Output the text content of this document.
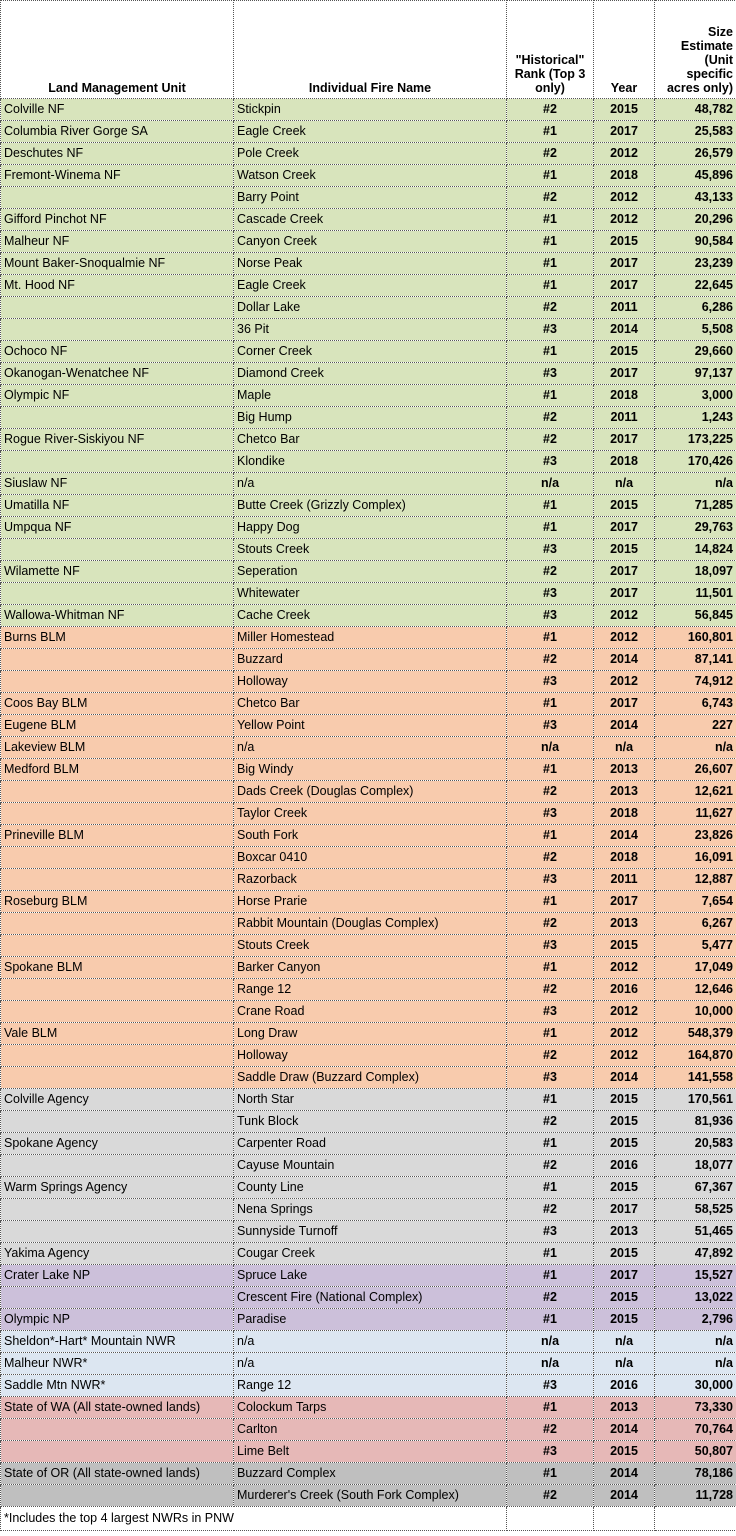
Land Management Unit	Individual Fire Name	"Historical" Rank (Top 3 only)	Year	Size Estimate (Unit specific acres only)
Colville NF	Stickpin	#2	2015	48,782
Columbia River Gorge SA	Eagle Creek	#1	2017	25,583
Deschutes NF	Pole Creek	#2	2012	26,579
Fremont-Winema NF	Watson Creek	#1	2018	45,896
	Barry Point	#2	2012	43,133
Gifford Pinchot NF	Cascade Creek	#1	2012	20,296
Malheur NF	Canyon Creek	#1	2015	90,584
Mount Baker-Snoqualmie NF	Norse Peak	#1	2017	23,239
Mt. Hood NF	Eagle Creek	#1	2017	22,645
	Dollar Lake	#2	2011	6,286
	36 Pit	#3	2014	5,508
Ochoco NF	Corner Creek	#1	2015	29,660
Okanogan-Wenatchee NF	Diamond Creek	#3	2017	97,137
Olympic NF	Maple	#1	2018	3,000
	Big Hump	#2	2011	1,243
Rogue River-Siskiyou NF	Chetco Bar	#2	2017	173,225
	Klondike	#3	2018	170,426
Siuslaw NF	n/a	n/a	n/a	n/a
Umatilla NF	Butte Creek (Grizzly Complex)	#1	2015	71,285
Umpqua NF	Happy Dog	#1	2017	29,763
	Stouts Creek	#3	2015	14,824
Wilamette NF	Seperation	#2	2017	18,097
	Whitewater	#3	2017	11,501
Wallowa-Whitman NF	Cache Creek	#3	2012	56,845
Burns BLM	Miller Homestead	#1	2012	160,801
	Buzzard	#2	2014	87,141
	Holloway	#3	2012	74,912
Coos Bay BLM	Chetco Bar	#1	2017	6,743
Eugene BLM	Yellow Point	#3	2014	227
Lakeview BLM	n/a	n/a	n/a	n/a
Medford BLM	Big Windy	#1	2013	26,607
	Dads Creek (Douglas Complex)	#2	2013	12,621
	Taylor Creek	#3	2018	11,627
Prineville BLM	South Fork	#1	2014	23,826
	Boxcar 0410	#2	2018	16,091
	Razorback	#3	2011	12,887
Roseburg BLM	Horse Prarie	#1	2017	7,654
	Rabbit Mountain (Douglas Complex)	#2	2013	6,267
	Stouts Creek	#3	2015	5,477
Spokane BLM	Barker Canyon	#1	2012	17,049
	Range 12	#2	2016	12,646
	Crane Road	#3	2012	10,000
Vale BLM	Long Draw	#1	2012	548,379
	Holloway	#2	2012	164,870
	Saddle Draw (Buzzard Complex)	#3	2014	141,558
Colville Agency	North Star	#1	2015	170,561
	Tunk Block	#2	2015	81,936
Spokane Agency	Carpenter Road	#1	2015	20,583
	Cayuse Mountain	#2	2016	18,077
Warm Springs Agency	County Line	#1	2015	67,367
	Nena Springs	#2	2017	58,525
	Sunnyside Turnoff	#3	2013	51,465
Yakima Agency	Cougar Creek	#1	2015	47,892
Crater Lake NP	Spruce Lake	#1	2017	15,527
	Crescent Fire (National Complex)	#2	2015	13,022
Olympic NP	Paradise	#1	2015	2,796
Sheldon*-Hart* Mountain NWR	n/a	n/a	n/a	n/a
Malheur NWR*	n/a	n/a	n/a	n/a
Saddle Mtn NWR*	Range 12	#3	2016	30,000
State of WA (All state-owned lands)	Colockum Tarps	#1	2013	73,330
	Carlton	#2	2014	70,764
	Lime Belt	#3	2015	50,807
State of OR (All state-owned lands)	Buzzard Complex	#1	2014	78,186
	Murderer's Creek (South Fork Complex)	#2	2014	11,728
*Includes the top 4 largest NWRs in PNW				
